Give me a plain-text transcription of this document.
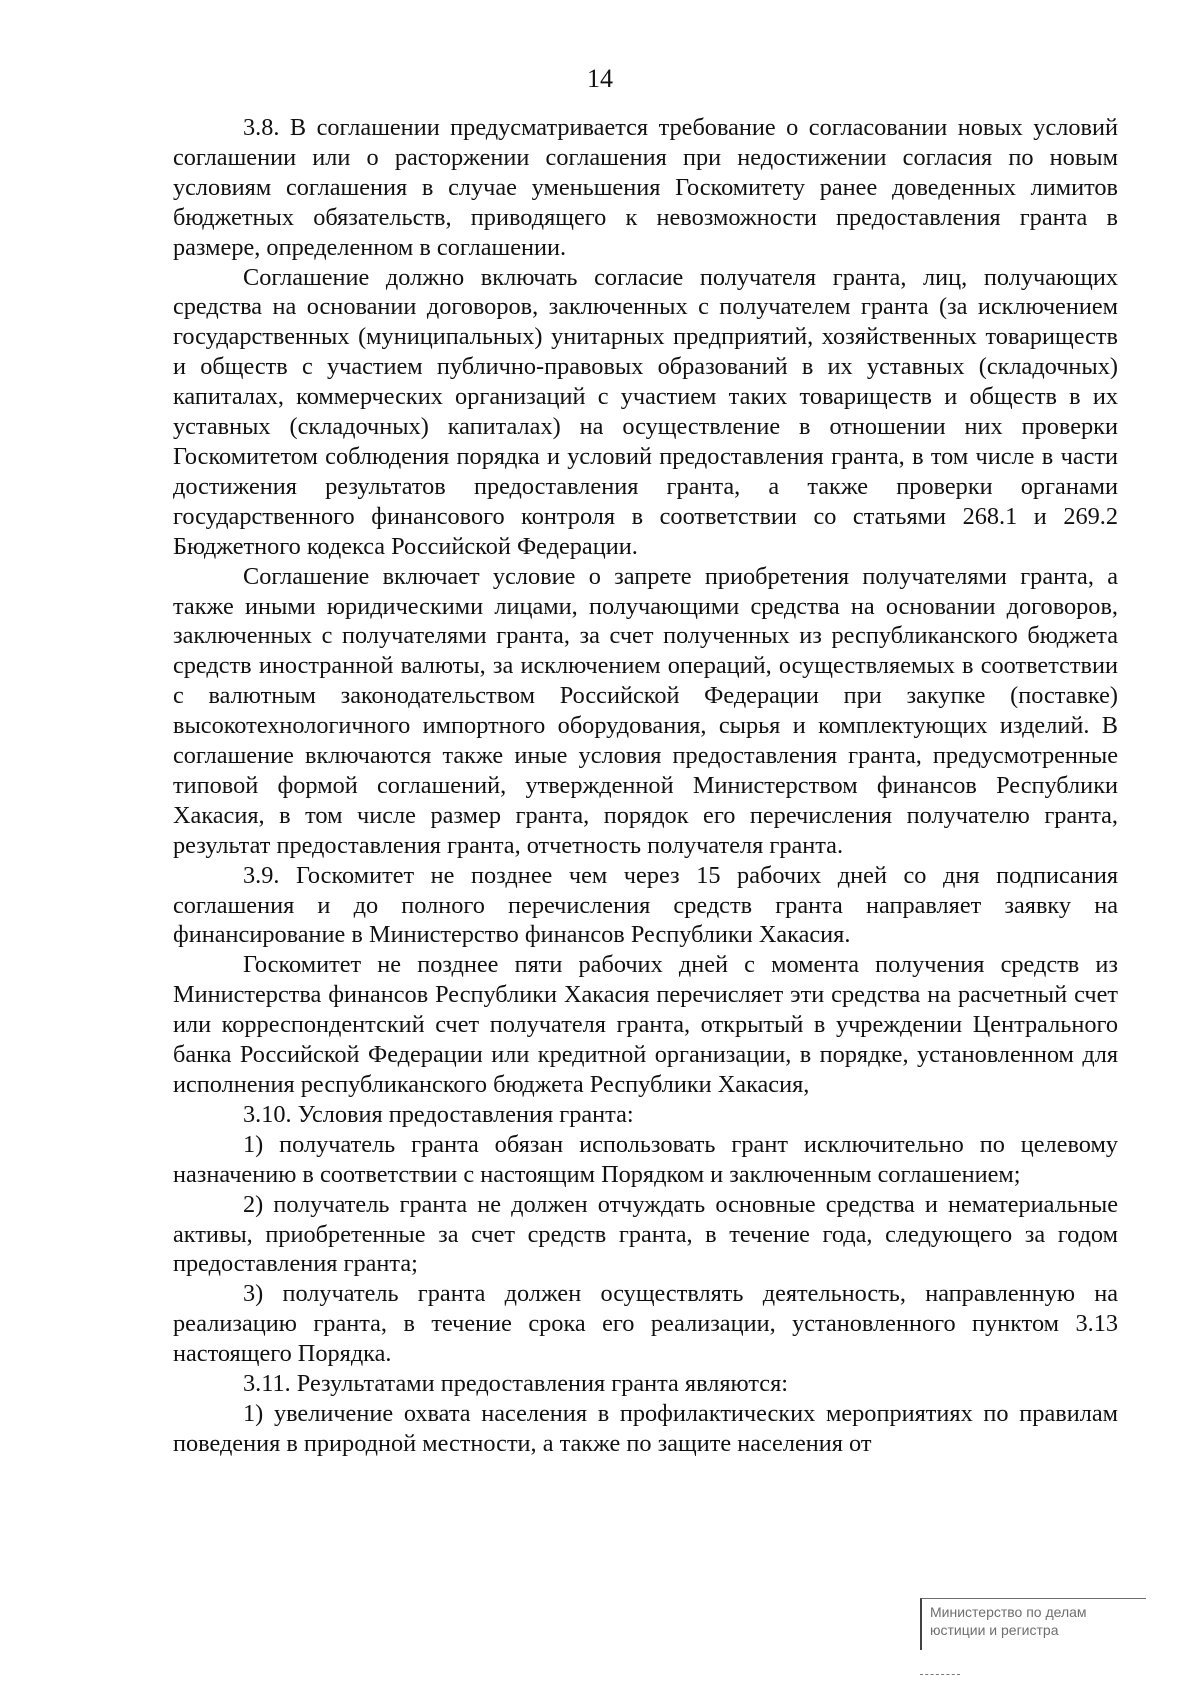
14

3.8. В соглашении предусматривается требование о согласовании новых условий соглашении или о расторжении соглашения при недостижении согласия по новым условиям соглашения в случае уменьшения Госкомитету ранее доведенных лимитов бюджетных обязательств, приводящего к невозможности предоставления гранта в размере, определенном в соглашении.

Соглашение должно включать согласие получателя гранта, лиц, получающих средства на основании договоров, заключенных с получателем гранта (за исключением государственных (муниципальных) унитарных предприятий, хозяйственных товариществ и обществ с участием публично-правовых образований в их уставных (складочных) капиталах, коммерческих организаций с участием таких товариществ и обществ в их уставных (складочных) капиталах) на осуществление в отношении них проверки Госкомитетом соблюдения порядка и условий предоставления гранта, в том числе в части достижения результатов предоставления гранта, а также проверки органами государственного финансового контроля в соответствии со статьями 268.1 и 269.2 Бюджетного кодекса Российской Федерации.

Соглашение включает условие о запрете приобретения получателями гранта, а также иными юридическими лицами, получающими средства на основании договоров, заключенных с получателями гранта, за счет полученных из республиканского бюджета средств иностранной валюты, за исключением операций, осуществляемых в соответствии с валютным законодательством Российской Федерации при закупке (поставке) высокотехнологичного импортного оборудования, сырья и комплектующих изделий. В соглашение включаются также иные условия предоставления гранта, предусмотренные типовой формой соглашений, утвержденной Министерством финансов Республики Хакасия, в том числе размер гранта, порядок его перечисления получателю гранта, результат предоставления гранта, отчетность получателя гранта.

3.9. Госкомитет не позднее чем через 15 рабочих дней со дня подписания соглашения и до полного перечисления средств гранта направляет заявку на финансирование в Министерство финансов Республики Хакасия.

Госкомитет не позднее пяти рабочих дней с момента получения средств из Министерства финансов Республики Хакасия перечисляет эти средства на расчетный счет или корреспондентский счет получателя гранта, открытый в учреждении Центрального банка Российской Федерации или кредитной организации, в порядке, установленном для исполнения республиканского бюджета Республики Хакасия,

3.10. Условия предоставления гранта:

1) получатель гранта обязан использовать грант исключительно по целевому назначению в соответствии с настоящим Порядком и заключенным соглашением;

2) получатель гранта не должен отчуждать основные средства и нематериальные активы, приобретенные за счет средств гранта, в течение года, следующего за годом предоставления гранта;

3) получатель гранта должен осуществлять деятельность, направленную на реализацию гранта, в течение срока его реализации, установленного пунктом 3.13 настоящего Порядка.

3.11. Результатами предоставления гранта являются:

1) увеличение охвата населения в профилактических мероприятиях по правилам поведения в природной местности, а также по защите населения от

Министерство по делам
юстиции и регистра
